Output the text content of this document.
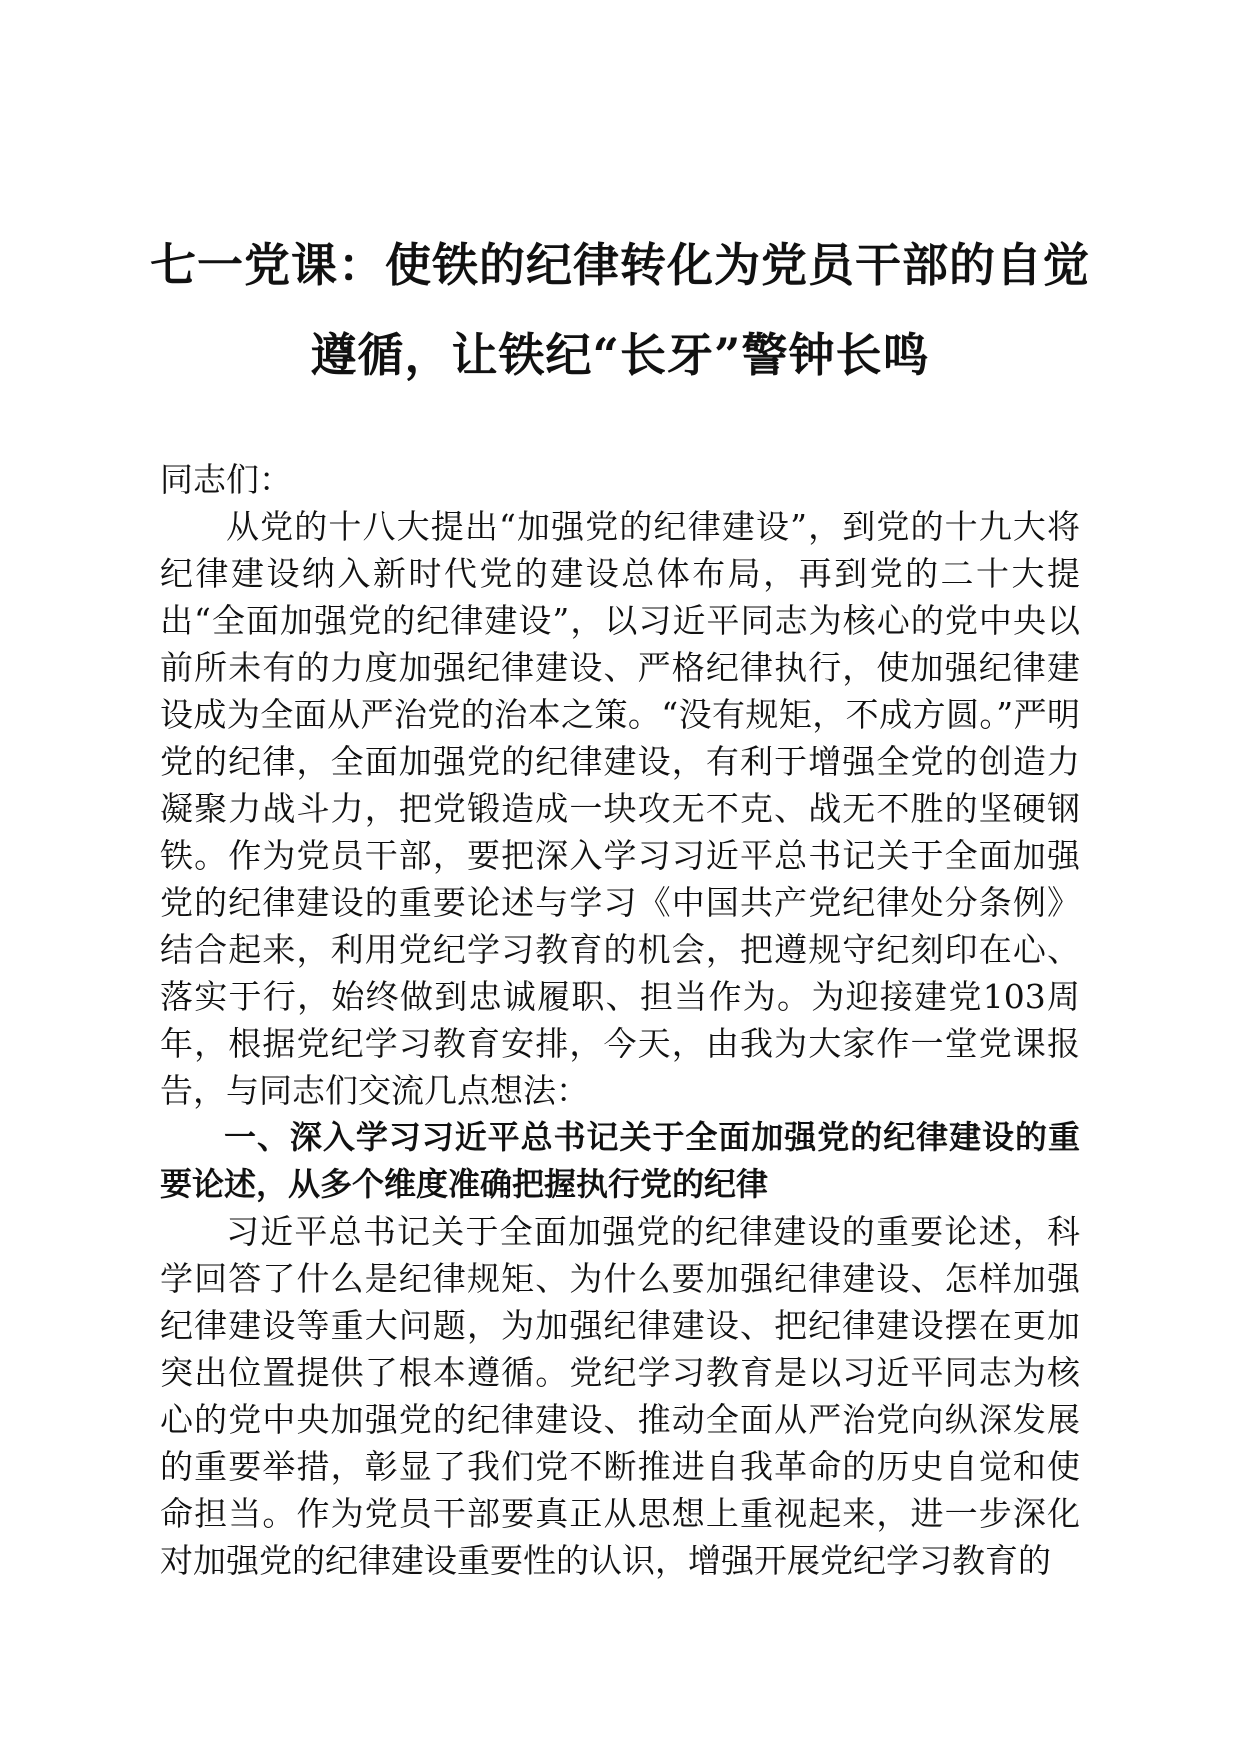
七一党课：使铁的纪律转化为党员干部的自觉
遵循，让铁纪“长牙”警钟长鸣

同志们：

从党的十八大提出“加强党的纪律建设”，到党的十九大将纪律建设纳入新时代党的建设总体布局，再到党的二十大提出“全面加强党的纪律建设”，以习近平同志为核心的党中央以前所未有的力度加强纪律建设、严格纪律执行，使加强纪律建设成为全面从严治党的治本之策。“没有规矩，不成方圆。”严明党的纪律，全面加强党的纪律建设，有利于增强全党的创造力凝聚力战斗力，把党锻造成一块攻无不克、战无不胜的坚硬钢铁。作为党员干部，要把深入学习习近平总书记关于全面加强党的纪律建设的重要论述与学习《中国共产党纪律处分条例》结合起来，利用党纪学习教育的机会，把遵规守纪刻印在心、落实于行，始终做到忠诚履职、担当作为。为迎接建党103周年，根据党纪学习教育安排，今天，由我为大家作一堂党课报告，与同志们交流几点想法：

一、深入学习习近平总书记关于全面加强党的纪律建设的重要论述，从多个维度准确把握执行党的纪律

习近平总书记关于全面加强党的纪律建设的重要论述，科学回答了什么是纪律规矩、为什么要加强纪律建设、怎样加强纪律建设等重大问题，为加强纪律建设、把纪律建设摆在更加突出位置提供了根本遵循。党纪学习教育是以习近平同志为核心的党中央加强党的纪律建设、推动全面从严治党向纵深发展的重要举措，彰显了我们党不断推进自我革命的历史自觉和使命担当。作为党员干部要真正从思想上重视起来，进一步深化对加强党的纪律建设重要性的认识，增强开展党纪学习教育的
